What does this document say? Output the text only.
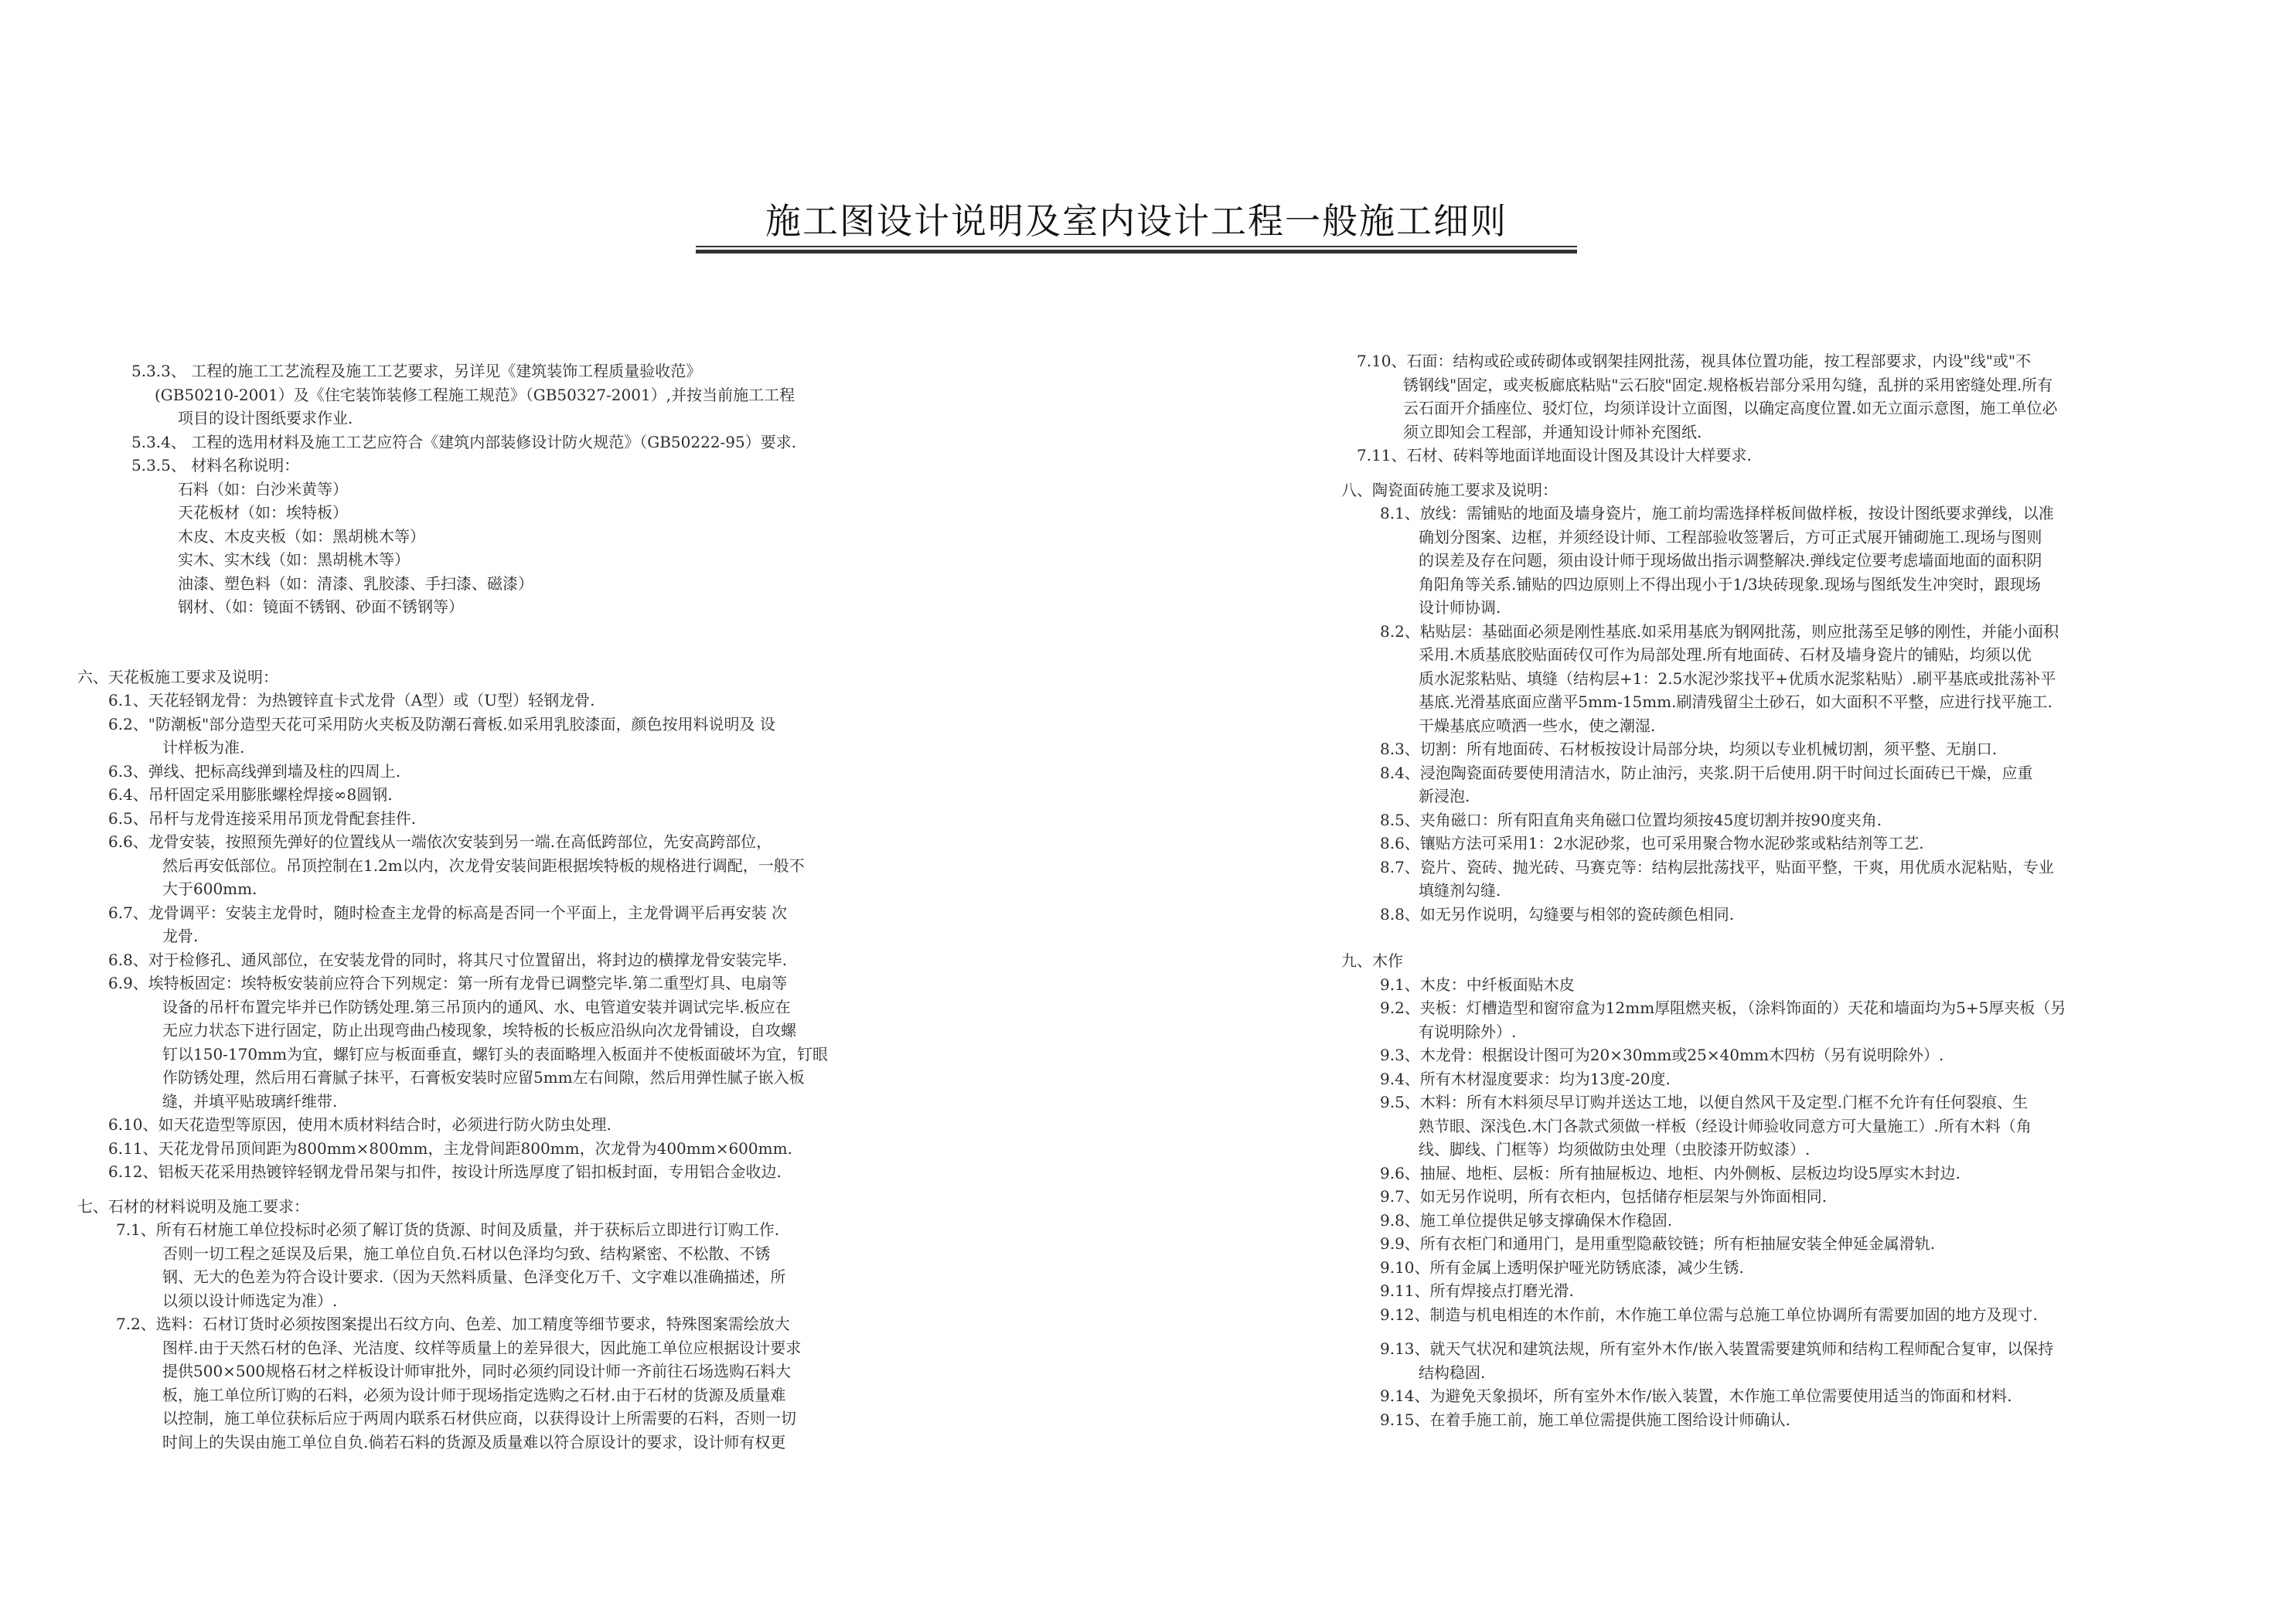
施工图设计说明及室内设计工程一般施工细则
5.3.3、 工程的施工工艺流程及施工工艺要求，另详见《建筑装饰工程质量验收范》
(GB50210-2001）及《住宅装饰装修工程施工规范》（GB50327-2001）,并按当前施工工程
项目的设计图纸要求作业.
5.3.4、 工程的选用材料及施工工艺应符合《建筑内部装修设计防火规范》（GB50222-95）要求.
5.3.5、 材料名称说明：
石料（如：白沙米黄等）
天花板材（如：埃特板）
木皮、木皮夹板（如：黑胡桃木等）
实木、实木线（如：黑胡桃木等）
油漆、塑色料（如：清漆、乳胶漆、手扫漆、磁漆）
钢材、（如：镜面不锈钢、砂面不锈钢等）
六、天花板施工要求及说明：
6.1、天花轻钢龙骨：为热镀锌直卡式龙骨（A型）或（U型）轻钢龙骨.
6.2、"防潮板"部分造型天花可采用防火夹板及防潮石膏板.如采用乳胶漆面，颜色按用料说明及 设
计样板为准.
6.3、弹线、把标高线弹到墙及柱的四周上.
6.4、吊杆固定采用膨胀螺栓焊接∞8圆钢.
6.5、吊杆与龙骨连接采用吊顶龙骨配套挂件.
6.6、龙骨安装，按照预先弹好的位置线从一端依次安装到另一端.在高低跨部位，先安高跨部位，
然后再安低部位。吊顶控制在1.2m以内，次龙骨安装间距根据埃特板的规格进行调配，一般不
大于600mm.
6.7、龙骨调平：安装主龙骨时，随时检查主龙骨的标高是否同一个平面上，主龙骨调平后再安装 次
龙骨.
6.8、对于检修孔、通风部位，在安装龙骨的同时，将其尺寸位置留出，将封边的横撑龙骨安装完毕.
6.9、埃特板固定：埃特板安装前应符合下列规定：第一所有龙骨已调整完毕.第二重型灯具、电扇等
设备的吊杆布置完毕并已作防锈处理.第三吊顶内的通风、水、电管道安装并调试完毕.板应在
无应力状态下进行固定，防止出现弯曲凸棱现象，埃特板的长板应沿纵向次龙骨铺设，自攻螺
钉以150-170mm为宜，螺钉应与板面垂直，螺钉头的表面略埋入板面并不使板面破坏为宜，钉眼
作防锈处理，然后用石膏腻子抹平，石膏板安装时应留5mm左右间隙，然后用弹性腻子嵌入板
缝，并填平贴玻璃纤维带.
6.10、如天花造型等原因，使用木质材料结合时，必须进行防火防虫处理.
6.11、天花龙骨吊顶间距为800mm×800mm，主龙骨间距800mm，次龙骨为400mm×600mm.
6.12、铝板天花采用热镀锌轻钢龙骨吊架与扣件，按设计所选厚度了铝扣板封面，专用铝合金收边.
七、石材的材料说明及施工要求：
7.1、所有石材施工单位投标时必须了解订货的货源、时间及质量，并于获标后立即进行订购工作.
否则一切工程之延误及后果，施工单位自负.石材以色泽均匀致、结构紧密、不松散、不锈
钢、无大的色差为符合设计要求.（因为天然料质量、色泽变化万千、文字难以准确描述，所
以须以设计师选定为准）.
7.2、选料：石材订货时必须按图案提出石纹方向、色差、加工精度等细节要求，特殊图案需绘放大
图样.由于天然石材的色泽、光洁度、纹样等质量上的差异很大，因此施工单位应根据设计要求
提供500×500规格石材之样板设计师审批外，同时必须约同设计师一齐前往石场选购石料大
板，施工单位所订购的石料，必须为设计师于现场指定选购之石材.由于石材的货源及质量难
以控制，施工单位获标后应于两周内联系石材供应商，以获得设计上所需要的石料，否则一切
时间上的失误由施工单位自负.倘若石料的货源及质量难以符合原设计的要求，设计师有权更
7.10、石面：结构或砼或砖砌体或钢架挂网批荡，视具体位置功能，按工程部要求，内设"线"或"不
锈钢线"固定，或夹板廊底粘贴"云石胶"固定.规格板岩部分采用勾缝，乱拼的采用密缝处理.所有
云石面开介插座位、驳灯位，均须详设计立面图，以确定高度位置.如无立面示意图，施工单位必
须立即知会工程部，并通知设计师补充图纸.
7.11、石材、砖料等地面详地面设计图及其设计大样要求.
八、陶瓷面砖施工要求及说明：
8.1、放线：需铺贴的地面及墙身瓷片，施工前均需选择样板间做样板，按设计图纸要求弹线，以准
确划分图案、边框，并须经设计师、工程部验收签署后，方可正式展开铺砌施工.现场与图则
的误差及存在问题，须由设计师于现场做出指示调整解决.弹线定位要考虑墙面地面的面积阴
角阳角等关系.铺贴的四边原则上不得出现小于1/3块砖现象.现场与图纸发生冲突时，跟现场
设计师协调.
8.2、粘贴层：基础面必须是刚性基底.如采用基底为钢网批荡，则应批荡至足够的刚性，并能小面积
采用.木质基底胶贴面砖仅可作为局部处理.所有地面砖、石材及墙身瓷片的铺贴，均须以优
质水泥浆粘贴、填缝（结构层+1：2.5水泥沙浆找平+优质水泥浆粘贴）.刷平基底或批荡补平
基底.光滑基底面应凿平5mm-15mm.刷清残留尘土砂石，如大面积不平整，应进行找平施工.
干燥基底应喷洒一些水，使之潮湿.
8.3、切割：所有地面砖、石材板按设计局部分块，均须以专业机械切割，须平整、无崩口.
8.4、浸泡陶瓷面砖要使用清洁水，防止油污，夹浆.阴干后使用.阴干时间过长面砖已干燥，应重
新浸泡.
8.5、夹角磁口：所有阳直角夹角磁口位置均须按45度切割并按90度夹角.
8.6、镶贴方法可采用1：2水泥砂浆，也可采用聚合物水泥砂浆或粘结剂等工艺.
8.7、瓷片、瓷砖、抛光砖、马赛克等：结构层批荡找平，贴面平整，干爽，用优质水泥粘贴，专业
填缝剂勾缝.
8.8、如无另作说明，勾缝要与相邻的瓷砖颜色相同.
九、木作
9.1、木皮：中纤板面贴木皮
9.2、夹板：灯槽造型和窗帘盒为12mm厚阻燃夹板，（涂料饰面的）天花和墙面均为5+5厚夹板（另
有说明除外）.
9.3、木龙骨：根据设计图可为20×30mm或25×40mm木四枋（另有说明除外）.
9.4、所有木材湿度要求：均为13度-20度.
9.5、木料：所有木料须尽早订购并送达工地，以便自然风干及定型.门框不允许有任何裂痕、生
熟节眼、深浅色.木门各款式须做一样板（经设计师验收同意方可大量施工）.所有木料（角
线、脚线、门框等）均须做防虫处理（虫胶漆开防蚁漆）.
9.6、抽屉、地柜、层板：所有抽屉板边、地柜、内外侧板、层板边均设5厚实木封边.
9.7、如无另作说明，所有衣柜内，包括储存柜层架与外饰面相同.
9.8、施工单位提供足够支撑确保木作稳固.
9.9、所有衣柜门和通用门，是用重型隐蔽铰链；所有柜抽屉安装全伸延金属滑轨.
9.10、所有金属上透明保护哑光防锈底漆，减少生锈.
9.11、所有焊接点打磨光滑.
9.12、制造与机电相连的木作前，木作施工单位需与总施工单位协调所有需要加固的地方及现寸.
9.13、就天气状况和建筑法规，所有室外木作/嵌入装置需要建筑师和结构工程师配合复审，以保持
结构稳固.
9.14、为避免天象损坏，所有室外木作/嵌入装置，木作施工单位需要使用适当的饰面和材料.
9.15、在着手施工前，施工单位需提供施工图给设计师确认.
